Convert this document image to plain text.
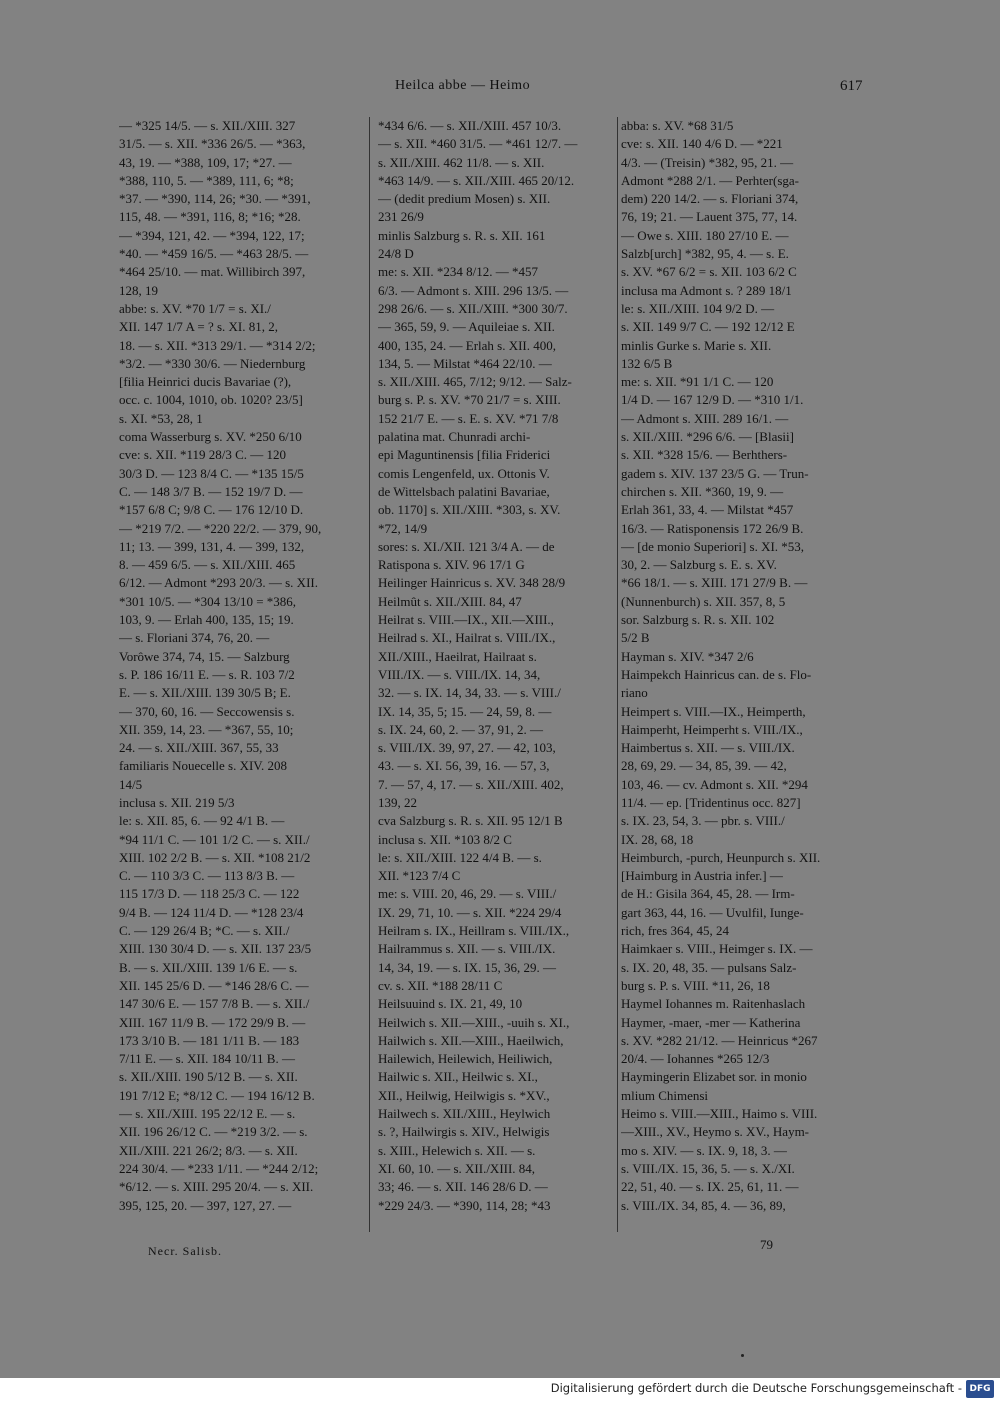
Heilca abbe — Heimo	617
— *325 14/5. — s. XII./XIII. 327
31/5. — s. XII. *336 26/5. — *363,
43, 19. — *388, 109, 17; *27. —
*388, 110, 5. — *389, 111, 6; *8;
*37. — *390, 114, 26; *30. — *391,
115, 48. — *391, 116, 8; *16; *28.
— *394, 121, 42. — *394, 122, 17;
*40. — *459 16/5. — *463 28/5. —
*464 25/10. — mat. Willibirch 397,
128, 19
abbe: s. XV. *70 1/7 = s. XI./
XII. 147 1/7 A = ? s. XI. 81, 2,
18. — s. XII. *313 29/1. — *314 2/2;
*3/2. — *330 30/6. — Niedernburg
[filia Heinrici ducis Bavariae (?),
occ. c. 1004, 1010, ob. 1020? 23/5]
s. XI. *53, 28, 1
coma Wasserburg s. XV. *250 6/10
cve: s. XII. *119 28/3 C. — 120
30/3 D. — 123 8/4 C. — *135 15/5
C. — 148 3/7 B. — 152 19/7 D. —
*157 6/8 C; 9/8 C. — 176 12/10 D.
— *219 7/2. — *220 22/2. — 379, 90,
11; 13. — 399, 131, 4. — 399, 132,
8. — 459 6/5. — s. XII./XIII. 465
6/12. — Admont *293 20/3. — s. XII.
*301 10/5. — *304 13/10 = *386,
103, 9. — Erlah 400, 135, 15; 19.
— s. Floriani 374, 76, 20. —
Vorôwe 374, 74, 15. — Salzburg
s. P. 186 16/11 E. — s. R. 103 7/2
E. — s. XII./XIII. 139 30/5 B; E.
— 370, 60, 16. — Seccowensis s.
XII. 359, 14, 23. — *367, 55, 10;
24. — s. XII./XIII. 367, 55, 33
familiaris Nouecelle s. XIV. 208
14/5
inclusa s. XII. 219 5/3
le: s. XII. 85, 6. — 92 4/1 B. —
*94 11/1 C. — 101 1/2 C. — s. XII./
XIII. 102 2/2 B. — s. XII. *108 21/2
C. — 110 3/3 C. — 113 8/3 B. —
115 17/3 D. — 118 25/3 C. — 122
9/4 B. — 124 11/4 D. — *128 23/4
C. — 129 26/4 B; *C. — s. XII./
XIII. 130 30/4 D. — s. XII. 137 23/5
B. — s. XII./XIII. 139 1/6 E. — s.
XII. 145 25/6 D. — *146 28/6 C. —
147 30/6 E. — 157 7/8 B. — s. XII./
XIII. 167 11/9 B. — 172 29/9 B. —
173 3/10 B. — 181 1/11 B. — 183
7/11 E. — s. XII. 184 10/11 B. —
s. XII./XIII. 190 5/12 B. — s. XII.
191 7/12 E; *8/12 C. — 194 16/12 B.
— s. XII./XIII. 195 22/12 E. — s.
XII. 196 26/12 C. — *219 3/2. — s.
XII./XIII. 221 26/2; 8/3. — s. XII.
224 30/4. — *233 1/11. — *244 2/12;
*6/12. — s. XIII. 295 20/4. — s. XII.
395, 125, 20. — 397, 127, 27. —
*434 6/6. — s. XII./XIII. 457 10/3.
— s. XII. *460 31/5. — *461 12/7. —
s. XII./XIII. 462 11/8. — s. XII.
*463 14/9. — s. XII./XIII. 465 20/12.
— (dedit predium Mosen) s. XII.
231 26/9
minlis Salzburg s. R. s. XII. 161
24/8 D
me: s. XII. *234 8/12. — *457
6/3. — Admont s. XIII. 296 13/5. —
298 26/6. — s. XII./XIII. *300 30/7.
— 365, 59, 9. — Aquileiae s. XII.
400, 135, 24. — Erlah s. XII. 400,
134, 5. — Milstat *464 22/10. —
s. XII./XIII. 465, 7/12; 9/12. — Salz-
burg s. P. s. XV. *70 21/7 = s. XIII.
152 21/7 E. — s. E. s. XV. *71 7/8
palatina mat. Chunradi archi-
epi Maguntinensis [filia Friderici
comis Lengenfeld, ux. Ottonis V.
de Wittelsbach palatini Bavariae,
ob. 1170] s. XII./XIII. *303, s. XV.
*72, 14/9
sores: s. XI./XII. 121 3/4 A. — de
Ratispona s. XIV. 96 17/1 G
Heilinger Hainricus s. XV. 348 28/9
Heilmût s. XII./XIII. 84, 47
Heilrat s. VIII.—IX., XII.—XIII.,
Heilrad s. XI., Hailrat s. VIII./IX.,
XII./XIII., Haeilrat, Hailraat s.
VIII./IX. — s. VIII./IX. 14, 34,
32. — s. IX. 14, 34, 33. — s. VIII./
IX. 14, 35, 5; 15. — 24, 59, 8. —
s. IX. 24, 60, 2. — 37, 91, 2. —
s. VIII./IX. 39, 97, 27. — 42, 103,
43. — s. XI. 56, 39, 16. — 57, 3,
7. — 57, 4, 17. — s. XII./XIII. 402,
139, 22
cva Salzburg s. R. s. XII. 95 12/1 B
inclusa s. XII. *103 8/2 C
le: s. XII./XIII. 122 4/4 B. — s.
XII. *123 7/4 C
me: s. VIII. 20, 46, 29. — s. VIII./
IX. 29, 71, 10. — s. XII. *224 29/4
Heilram s. IX., Heillram s. VIII./IX.,
Hailrammus s. XII. — s. VIII./IX.
14, 34, 19. — s. IX. 15, 36, 29. —
cv. s. XII. *188 28/11 C
Heilsuuind s. IX. 21, 49, 10
Heilwich s. XII.—XIII., -uuih s. XI.,
Hailwich s. XII.—XIII., Haeilwich,
Hailewich, Heilewich, Heiliwich,
Hailwic s. XII., Heilwic s. XI.,
XII., Heilwig, Heilwigis s. *XV.,
Hailwech s. XII./XIII., Heylwich
s. ?, Hailwirgis s. XIV., Helwigis
s. XIII., Helewich s. XII. — s.
XI. 60, 10. — s. XII./XIII. 84,
33; 46. — s. XII. 146 28/6 D. —
*229 24/3. — *390, 114, 28; *43
abba: s. XV. *68 31/5
cve: s. XII. 140 4/6 D. — *221
4/3. — (Treisin) *382, 95, 21. —
Admont *288 2/1. — Perhter(sga-
dem) 220 14/2. — s. Floriani 374,
76, 19; 21. — Lauent 375, 77, 14.
— Owe s. XIII. 180 27/10 E. —
Salzb[urch] *382, 95, 4. — s. E.
s. XV. *67 6/2 = s. XII. 103 6/2 C
inclusa ma Admont s. ? 289 18/1
le: s. XII./XIII. 104 9/2 D. —
s. XII. 149 9/7 C. — 192 12/12 E
minlis Gurke s. Marie s. XII.
132 6/5 B
me: s. XII. *91 1/1 C. — 120
1/4 D. — 167 12/9 D. — *310 1/1.
— Admont s. XIII. 289 16/1. —
s. XII./XIII. *296 6/6. — [Blasii]
s. XII. *328 15/6. — Berhthers-
gadem s. XIV. 137 23/5 G. — Trun-
chirchen s. XII. *360, 19, 9. —
Erlah 361, 33, 4. — Milstat *457
16/3. — Ratisponensis 172 26/9 B.
— [de monio Superiori] s. XI. *53,
30, 2. — Salzburg s. E. s. XV.
*66 18/1. — s. XIII. 171 27/9 B. —
(Nunnenburch) s. XII. 357, 8, 5
sor. Salzburg s. R. s. XII. 102
5/2 B
Hayman s. XIV. *347 2/6
Haimpekch Hainricus can. de s. Flo-
riano
Heimpert s. VIII.—IX., Heimperth,
Haimperht, Heimperht s. VIII./IX.,
Haimbertus s. XII. — s. VIII./IX.
28, 69, 29. — 34, 85, 39. — 42,
103, 46. — cv. Admont s. XII. *294
11/4. — ep. [Tridentinus occ. 827]
s. IX. 23, 54, 3. — pbr. s. VIII./
IX. 28, 68, 18
Heimburch, -purch, Heunpurch s. XII.
[Haimburg in Austria infer.] —
de H.: Gisila 364, 45, 28. — Irm-
gart 363, 44, 16. — Uvulfil, Iunge-
rich, fres 364, 45, 24
Haimkaer s. VIII., Heimger s. IX. —
s. IX. 20, 48, 35. — pulsans Salz-
burg s. P. s. VIII. *11, 26, 18
Haymel Iohannes m. Raitenhaslach
Haymer, -maer, -mer — Katherina
s. XV. *282 21/12. — Heinricus *267
20/4. — Iohannes *265 12/3
Haymingerin Elizabet sor. in monio
mlium Chimensi
Heimo s. VIII.—XIII., Haimo s. VIII.
—XIII., XV., Heymo s. XV., Haym-
mo s. XIV. — s. IX. 9, 18, 3. —
s. VIII./IX. 15, 36, 5. — s. X./XI.
22, 51, 40. — s. IX. 25, 61, 11. —
s. VIII./IX. 34, 85, 4. — 36, 89,
Necr. Salisb.	79
Digitalisierung gefördert durch die Deutsche Forschungsgemeinschaft - DFG
